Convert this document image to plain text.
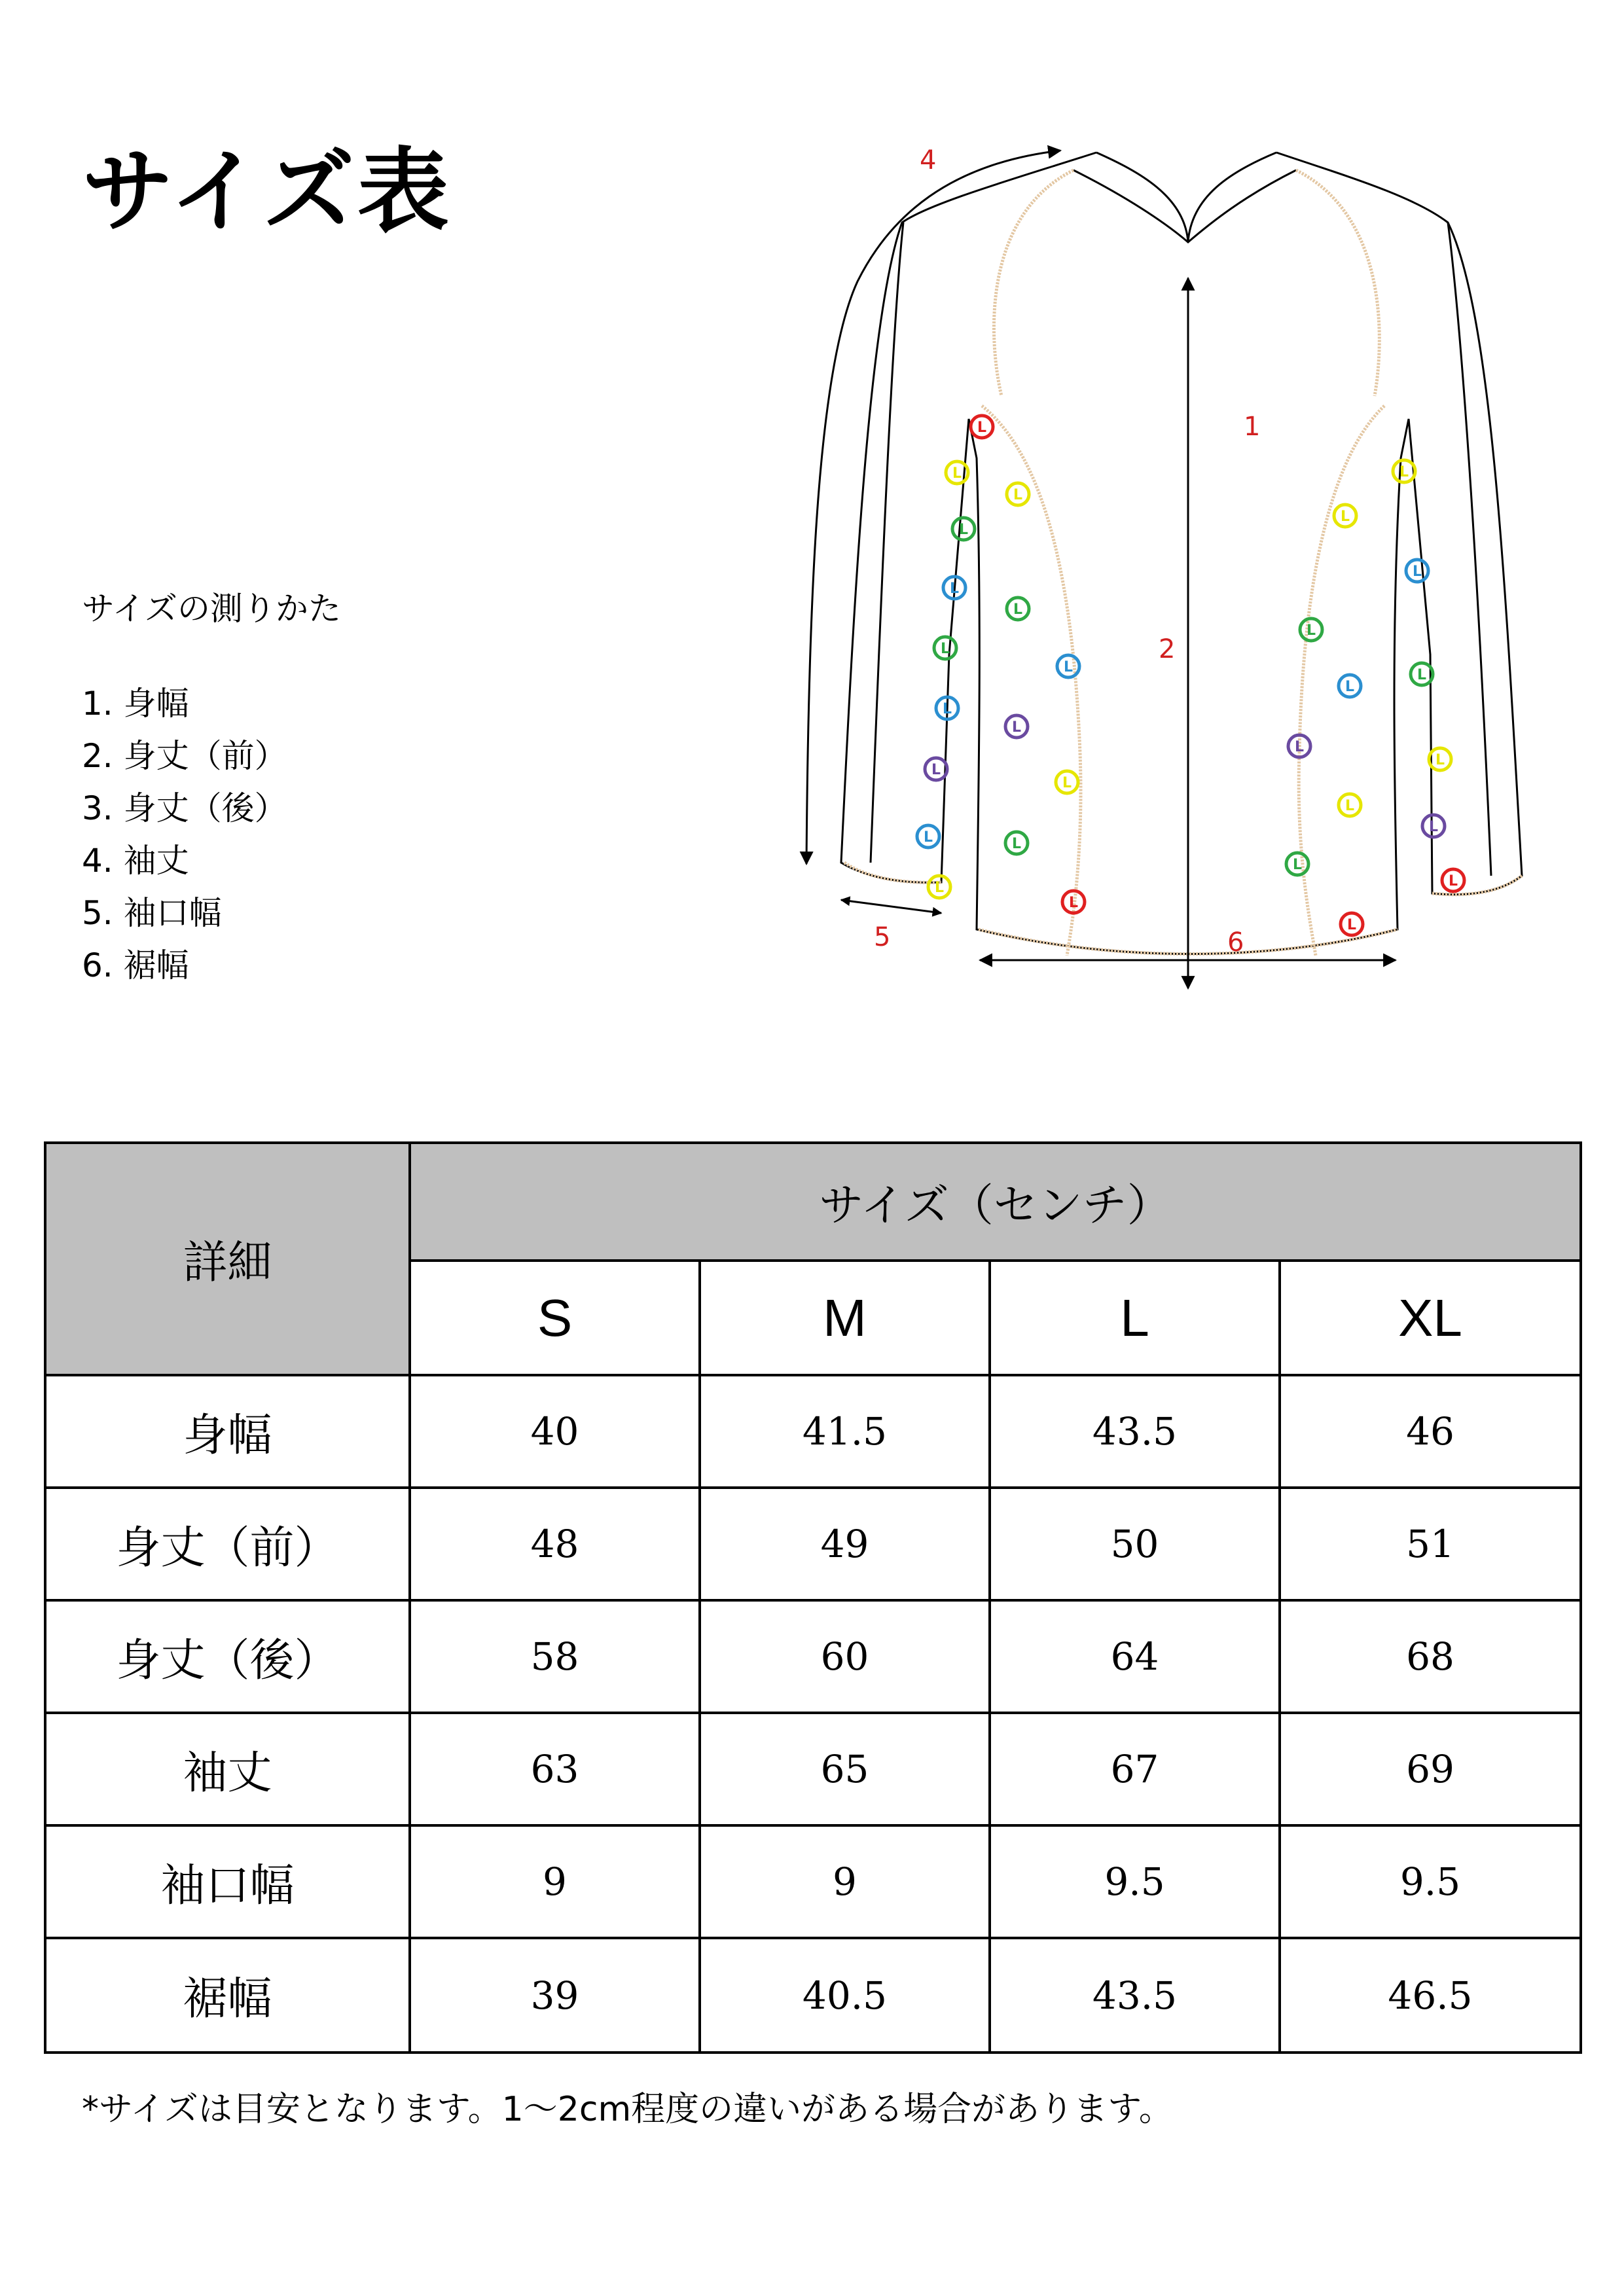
サイズ表

サイズの測りかた

1. 身幅
2. 身丈（前）
3. 身丈（後）
4. 袖丈
5. 袖口幅
6. 裾幅
1
2
4
5	6
L
L
L
L
L
L
L
L
L
L
L
L
L	L
L
L
L
L
L
L
L
L
L
L
L
L
L
L
L
詳細	サイズ（センチ）			
	S	M	L	XL
身幅	40	41.5	43.5	46
身丈（前）	48	49	50	51
身丈（後）	58	60	64	68
袖丈	63	65	67	69
袖口幅	9	9	9.5	9.5
裾幅	39	40.5	43.5	46.5

*サイズは目安となります。1〜2cm程度の違いがある場合があります。
